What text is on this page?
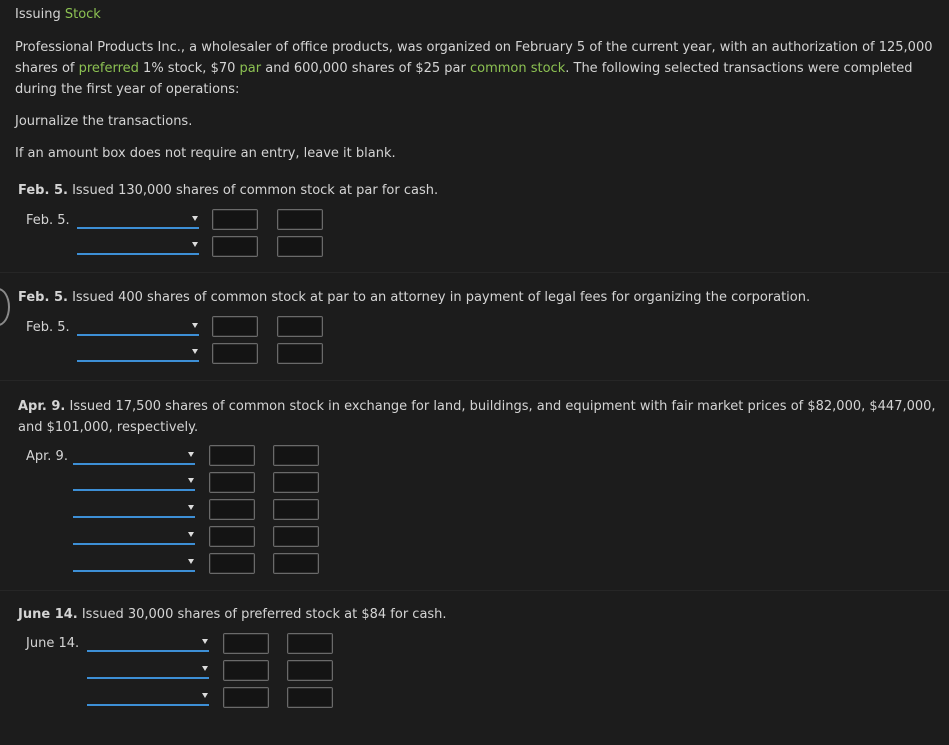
Issuing Stock
Professional Products Inc., a wholesaler of office products, was organized on February 5 of the current year, with an authorization of 125,000 shares of preferred 1% stock, $70 par and 600,000 shares of $25 par common stock. The following selected transactions were completed during the first year of operations:
Journalize the transactions.
If an amount box does not require an entry, leave it blank.
Feb. 5. Issued 130,000 shares of common stock at par for cash.
Feb. 5.
Feb. 5. Issued 400 shares of common stock at par to an attorney in payment of legal fees for organizing the corporation.
Feb. 5.
Apr. 9. Issued 17,500 shares of common stock in exchange for land, buildings, and equipment with fair market prices of $82,000, $447,000, and $101,000, respectively.
Apr. 9.
June 14. Issued 30,000 shares of preferred stock at $84 for cash.
June 14.
